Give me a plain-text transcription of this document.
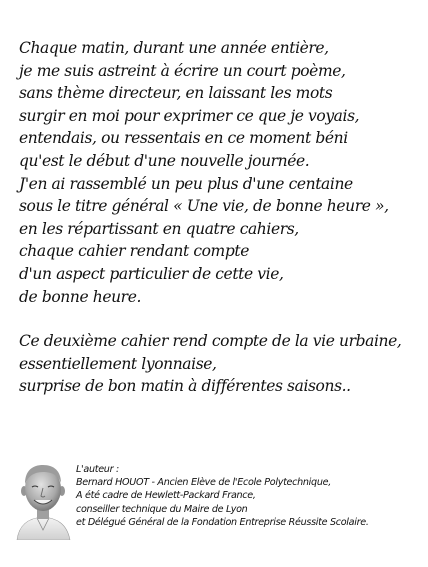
Chaque matin, durant une année entière,
je me suis astreint à écrire un court poème,
sans thème directeur, en laissant les mots
surgir en moi pour exprimer ce que je voyais,
entendais, ou ressentais en ce moment béni
qu'est le début d'une nouvelle journée.
J'en ai rassemblé un peu plus d'une centaine
sous le titre général « Une vie, de bonne heure »,
en les répartissant en quatre cahiers,
chaque cahier rendant compte
d'un aspect particulier de cette vie,
de bonne heure.
Ce deuxième cahier rend compte de la vie urbaine,
essentiellement lyonnaise,
surprise de bon matin à différentes saisons..
L'auteur :
Bernard HOUOT - Ancien Elève de l'Ecole Polytechnique,
A été cadre de Hewlett-Packard France,
conseiller technique du Maire de Lyon
et Délégué Général de la Fondation Entreprise Réussite Scolaire.
